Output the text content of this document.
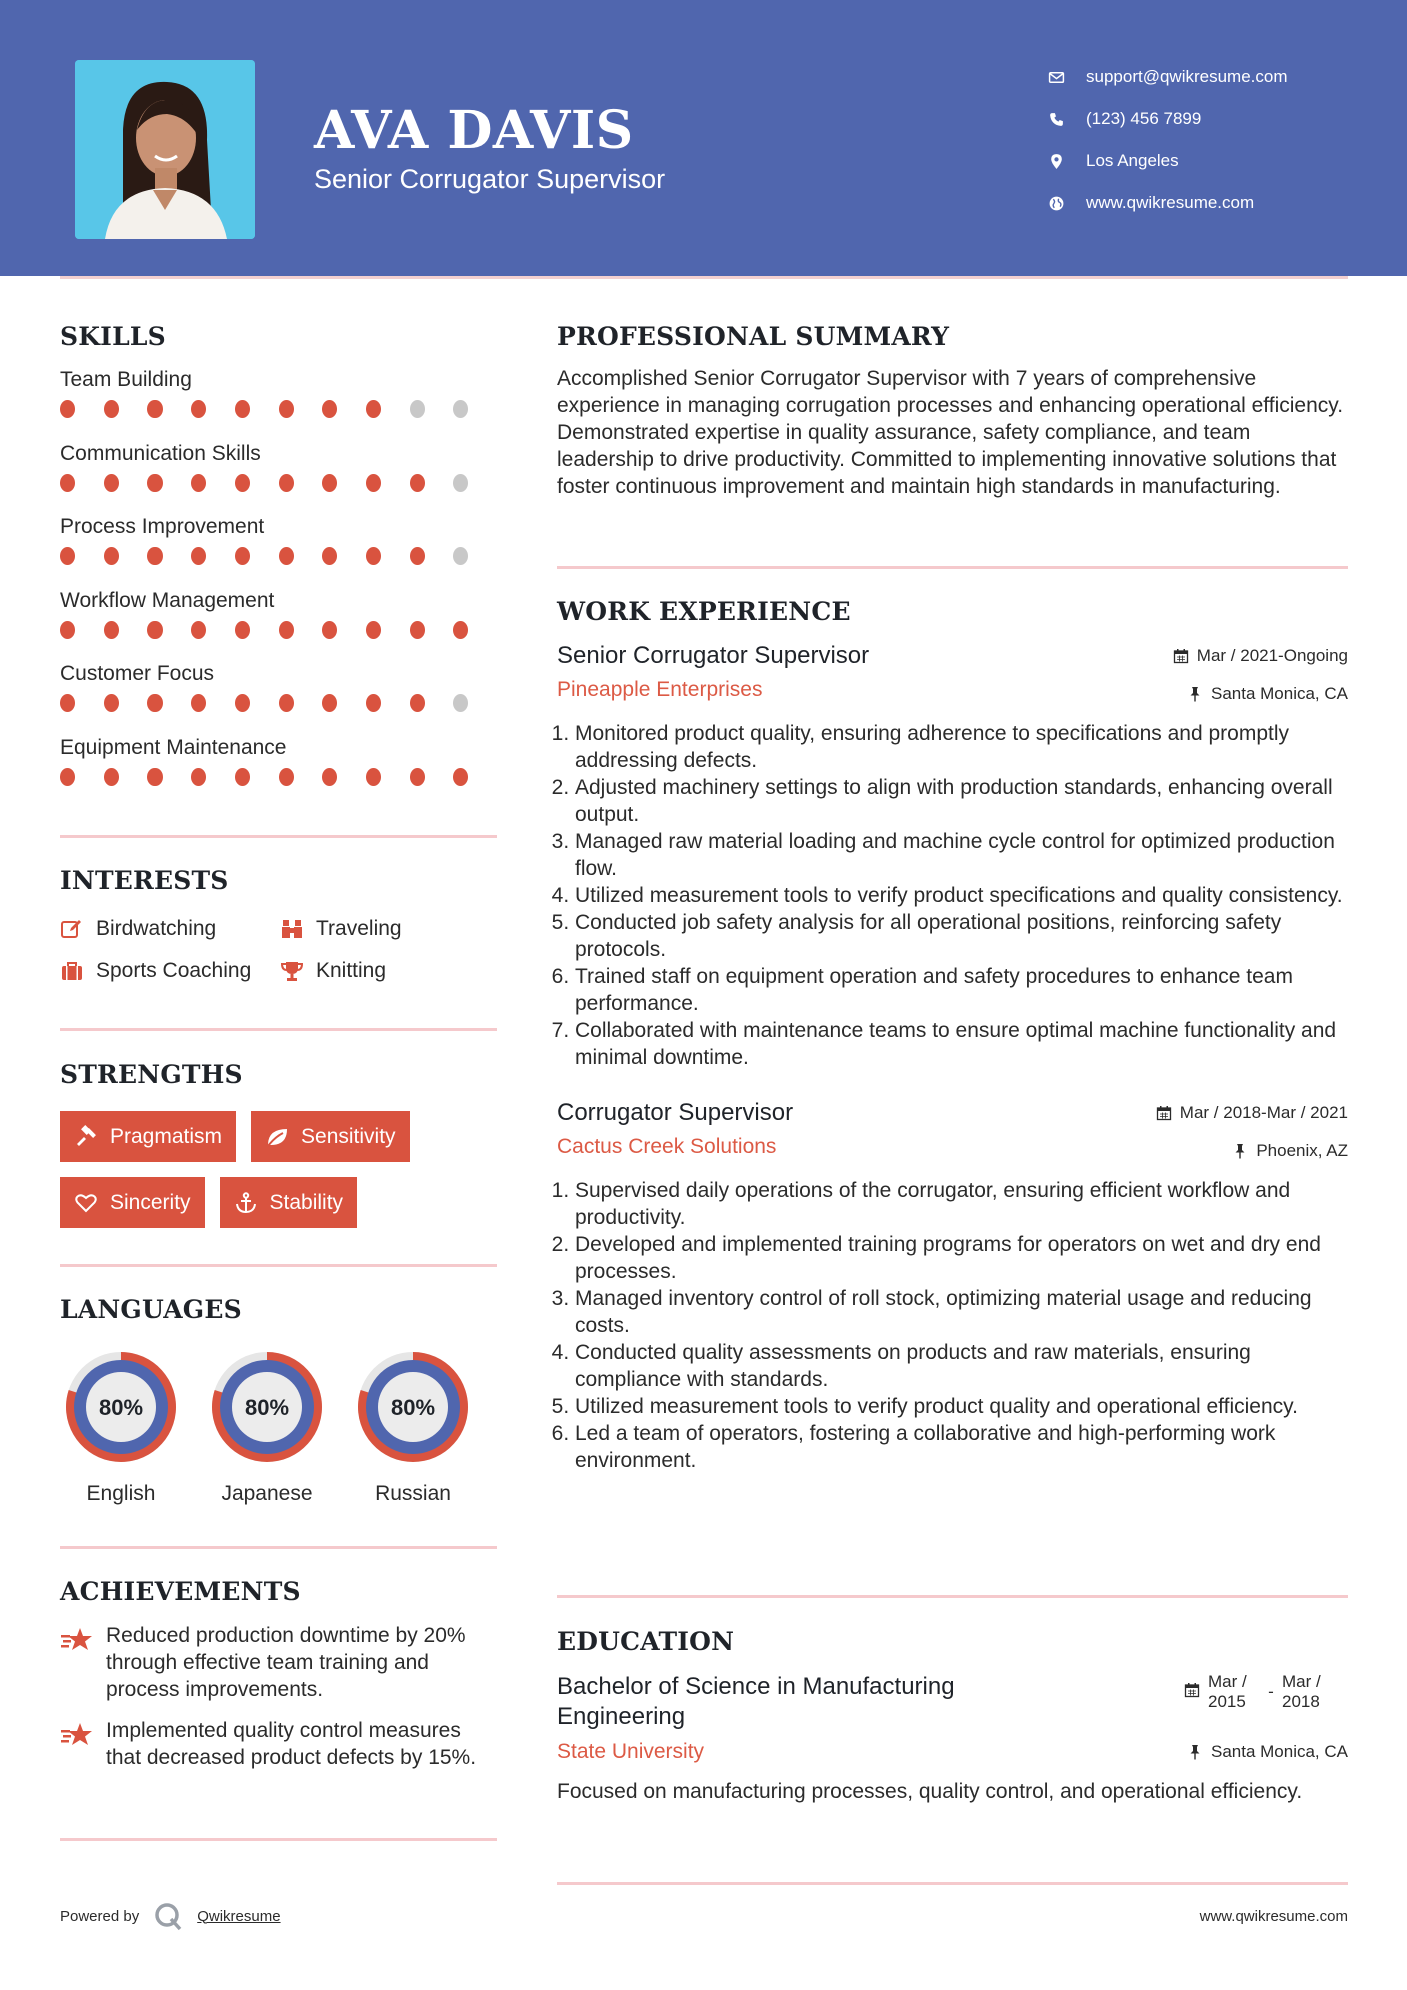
AVA DAVIS
Senior Corrugator Supervisor
support@qwikresume.com
(123) 456 7899
Los Angeles
www.qwikresume.com
SKILLS
Team Building
Communication Skills
Process Improvement
Workflow Management
Customer Focus
Equipment Maintenance
INTERESTS
Birdwatching	Traveling
Sports Coaching	Knitting
STRENGTHS
Pragmatism	Sensitivity
Sincerity	Stability
LANGUAGES
80%
English
80%
Japanese
80%
Russian
ACHIEVEMENTS
Reduced production downtime by 20% through effective team training and process improvements.
Implemented quality control measures that decreased product defects by 15%.
PROFESSIONAL SUMMARY
Accomplished Senior Corrugator Supervisor with 7 years of comprehensive experience in managing corrugation processes and enhancing operational efficiency. Demonstrated expertise in quality assurance, safety compliance, and team leadership to drive productivity. Committed to implementing innovative solutions that foster continuous improvement and maintain high standards in manufacturing.
WORK EXPERIENCE
Senior Corrugator Supervisor	Mar / 2021-Ongoing
Pineapple Enterprises	Santa Monica, CA
1. Monitored product quality, ensuring adherence to specifications and promptly addressing defects.
2. Adjusted machinery settings to align with production standards, enhancing overall output.
3. Managed raw material loading and machine cycle control for optimized production flow.
4. Utilized measurement tools to verify product specifications and quality consistency.
5. Conducted job safety analysis for all operational positions, reinforcing safety protocols.
6. Trained staff on equipment operation and safety procedures to enhance team performance.
7. Collaborated with maintenance teams to ensure optimal machine functionality and minimal downtime.
Corrugator Supervisor	Mar / 2018-Mar / 2021
Cactus Creek Solutions	Phoenix, AZ
1. Supervised daily operations of the corrugator, ensuring efficient workflow and productivity.
2. Developed and implemented training programs for operators on wet and dry end processes.
3. Managed inventory control of roll stock, optimizing material usage and reducing costs.
4. Conducted quality assessments on products and raw materials, ensuring compliance with standards.
5. Utilized measurement tools to verify product quality and operational efficiency.
6. Led a team of operators, fostering a collaborative and high-performing work environment.
EDUCATION
Bachelor of Science in Manufacturing Engineering
Mar / 2015
-
Mar / 2018
State University	Santa Monica, CA
Focused on manufacturing processes, quality control, and operational efficiency.
Powered by	Qwikresume	www.qwikresume.com
